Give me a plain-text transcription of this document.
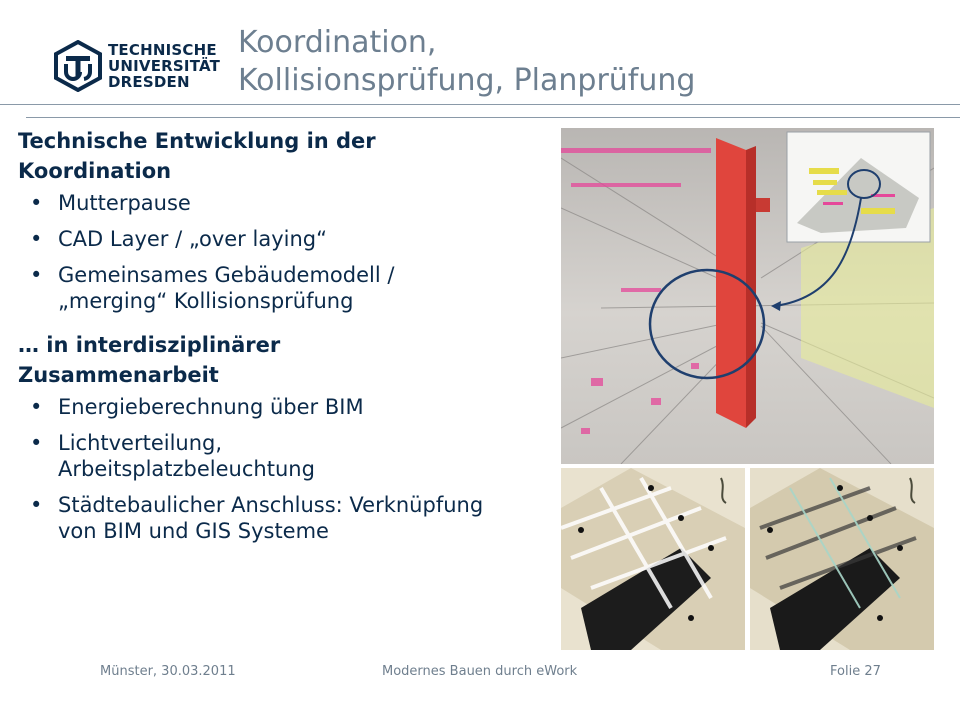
TECHNISCHE
UNIVERSITÄT
DRESDEN
Koordination, Kollisionsprüfung, Planprüfung
Technische Entwicklung in der Koordination
• Mutterpause
• CAD Layer / „over laying“
• Gemeinsames Gebäudemodell / „merging“ Kollisionsprüfung
… in interdisziplinärer Zusammenarbeit
• Energieberechnung über BIM
• Lichtverteilung, Arbeitsplatzbeleuchtung
• Städtebaulicher Anschluss: Verknüpfung von BIM und GIS Systeme
Münster, 30.03.2011	Modernes Bauen durch eWork	Folie 27
